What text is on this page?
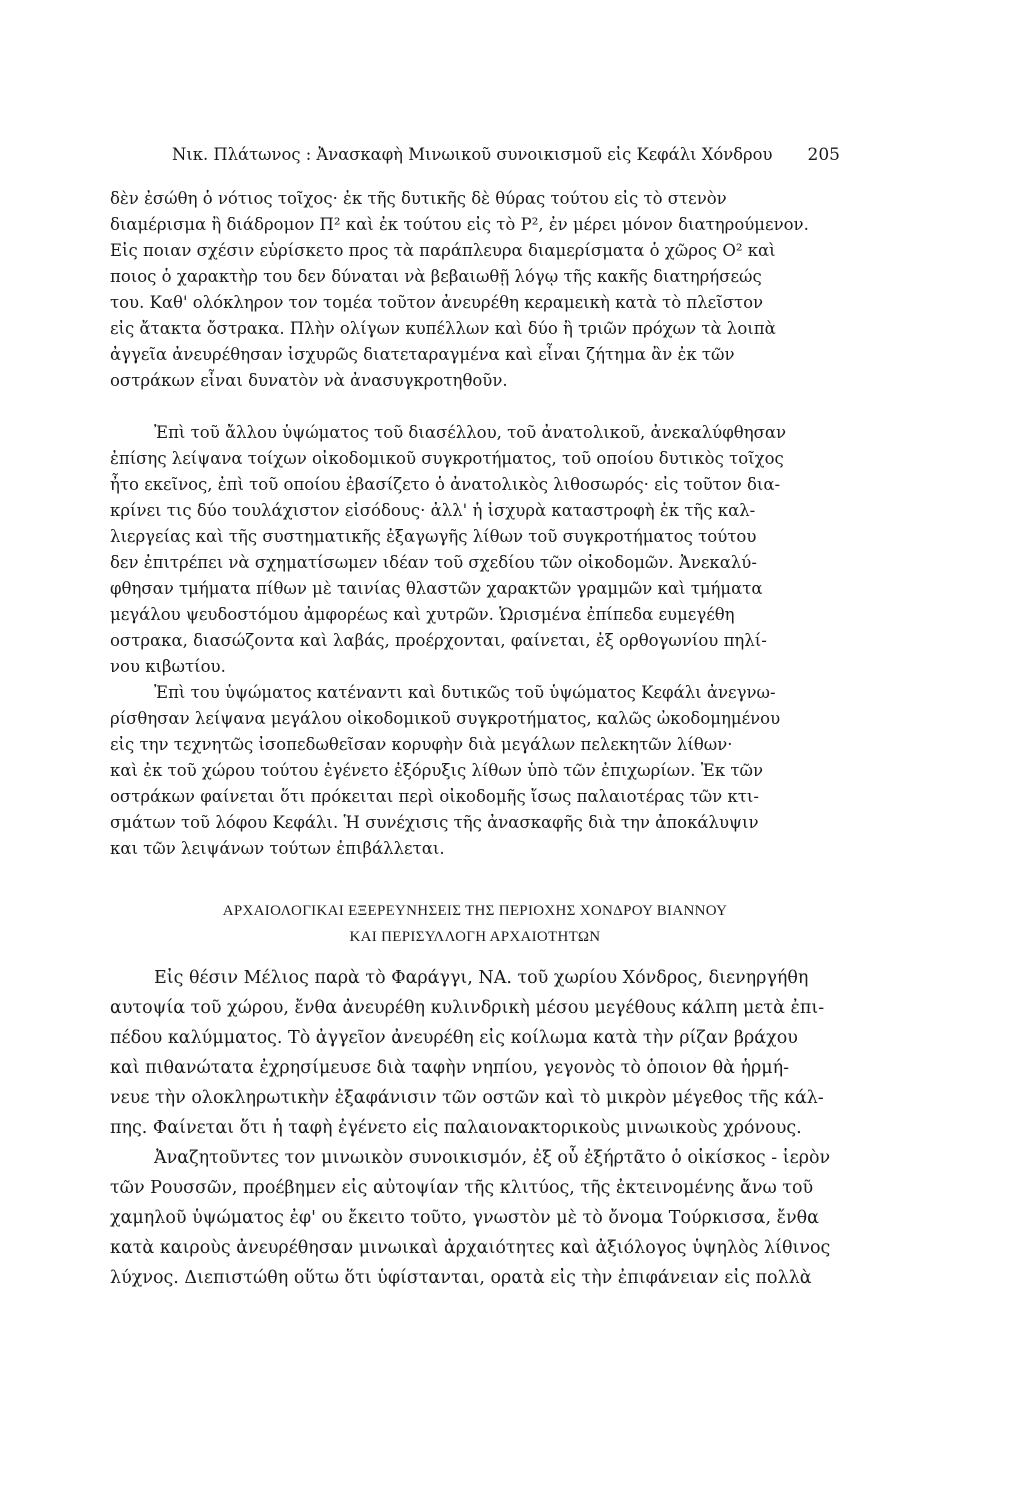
Νικ. Πλάτωνος : Ἀνασκαφὴ Μινωικοῦ συνοικισμοῦ εἰς Κεφάλι Χόνδρου 205
δὲν ἐσώθη ὁ νότιος τοῖχος· ἐκ τῆς δυτικῆς δὲ θύρας τούτου εἰς τὸ στενὸν
διαμέρισμα ἢ διάδρομον Π² καὶ ἐκ τούτου εἰς τὸ Ρ², ἐν μέρει μόνον διατηρούμενον.
Εἰς ποιαν σχέσιν εὑρίσκετο προς τὰ παράπλευρα διαμερίσματα ὁ χῶρος Ο² καὶ
ποιος ὁ χαρακτὴρ του δεν δύναται νὰ βεβαιωθῇ λόγῳ τῆς κακῆς διατηρήσεώς
του. Καθ' ολόκληρον τον τομέα τοῦτον ἀνευρέθη κεραμεικὴ κατὰ τὸ πλεῖστον
εἰς ἄτακτα ὄστρακα. Πλὴν ολίγων κυπέλλων καὶ δύο ἢ τριῶν πρόχων τὰ λοιπὰ
ἀγγεῖα ἀνευρέθησαν ἰσχυρῶς διατεταραγμένα καὶ εἶναι ζήτημα ἂν ἐκ τῶν
οστράκων εἶναι δυνατὸν νὰ ἀνασυγκροτηθοῦν.
Ἐπὶ τοῦ ἄλλου ὑψώματος τοῦ διασέλλου, τοῦ ἀνατολικοῦ, ἀνεκαλύφθησαν
ἐπίσης λείψανα τοίχων οἰκοδομικοῦ συγκροτήματος, τοῦ οποίου δυτικὸς τοῖχος
ἦτο εκεῖνος, ἐπὶ τοῦ οποίου ἐβασίζετο ὁ ἀνατολικὸς λιθοσωρός· εἰς τοῦτον δια-
κρίνει τις δύο τουλάχιστον εἰσόδους· ἀλλ' ἡ ἰσχυρὰ καταστροφὴ ἐκ τῆς καλ-
λιεργείας καὶ τῆς συστηματικῆς ἐξαγωγῆς λίθων τοῦ συγκροτήματος τούτου
δεν ἐπιτρέπει νὰ σχηματίσωμεν ιδέαν τοῦ σχεδίου τῶν οἰκοδομῶν. Ἀνεκαλύ-
φθησαν τμήματα πίθων μὲ ταινίας θλαστῶν χαρακτῶν γραμμῶν καὶ τμήματα
μεγάλου ψευδοστόμου ἀμφορέως καὶ χυτρῶν. Ὡρισμένα ἐπίπεδα ευμεγέθη
οστρακα, διασώζοντα καὶ λαβάς, προέρχονται, φαίνεται, ἐξ ορθογωνίου πηλί-
νου κιβωτίου.
Ἐπὶ του ὑψώματος κατέναντι καὶ δυτικῶς τοῦ ὑψώματος Κεφάλι ἀνεγνω-
ρίσθησαν λείψανα μεγάλου οἰκοδομικοῦ συγκροτήματος, καλῶς ὠκοδομημένου
εἰς την τεχνητῶς ἰσοπεδωθεῖσαν κορυφὴν διὰ μεγάλων πελεκητῶν λίθων·
καὶ ἐκ τοῦ χώρου τούτου ἐγένετο ἐξόρυξις λίθων ὑπὸ τῶν ἐπιχωρίων. Ἐκ τῶν
οστράκων φαίνεται ὅτι πρόκειται περὶ οἰκοδομῆς ἴσως παλαιοτέρας τῶν κτι-
σμάτων τοῦ λόφου Κεφάλι. Ἡ συνέχισις τῆς ἀνασκαφῆς διὰ την ἀποκάλυψιν
και τῶν λειψάνων τούτων ἐπιβάλλεται.
ΑΡΧΑΙΟΛΟΓΙΚΑΙ ΕΞΕΡΕΥΝΗΣΕΙΣ ΤΗΣ ΠΕΡΙΟΧΗΣ ΧΟΝΔΡΟΥ ΒΙΑΝΝΟΥ
ΚΑΙ ΠΕΡΙΣΥΛΛΟΓΗ ΑΡΧΑΙΟΤΗΤΩΝ
Εἰς θέσιν Μέλιος παρὰ τὸ Φαράγγι, ΝΑ. τοῦ χωρίου Χόνδρος, διενηργήθη
αυτοψία τοῦ χώρου, ἔνθα ἀνευρέθη κυλινδρικὴ μέσου μεγέθους κάλπη μετὰ ἐπι-
πέδου καλύμματος. Τὸ ἀγγεῖον ἀνευρέθη εἰς κοίλωμα κατὰ τὴν ρίζαν βράχου
καὶ πιθανώτατα ἐχρησίμευσε διὰ ταφὴν νηπίου, γεγονὸς τὸ ὁποιον θὰ ἡρμή-
νευε τὴν ολοκληρωτικὴν ἐξαφάνισιν τῶν οστῶν καὶ τὸ μικρὸν μέγεθος τῆς κάλ-
πης. Φαίνεται ὅτι ἡ ταφὴ ἐγένετο εἰς παλαιονακτορικοὺς μινωικοὺς χρόνους.
Ἀναζητοῦντες τον μινωικὸν συνοικισμόν, ἐξ οὗ ἐξήρτᾶτο ὁ οἰκίσκος - ἱερὸν
τῶν Ρουσσῶν, προέβημεν εἰς αὐτοψίαν τῆς κλιτύος, τῆς ἐκτεινομένης ἄνω τοῦ
χαμηλοῦ ὑψώματος ἐφ' ου ἔκειτο τοῦτο, γνωστὸν μὲ τὸ ὄνομα Τούρκισσα, ἔνθα
κατὰ καιροὺς ἀνευρέθησαν μινωικαὶ ἀρχαιότητες καὶ ἀξιόλογος ὑψηλὸς λίθινος
λύχνος. Διεπιστώθη οὕτω ὅτι ὑφίστανται, ορατὰ εἰς τὴν ἐπιφάνειαν εἰς πολλὰ
